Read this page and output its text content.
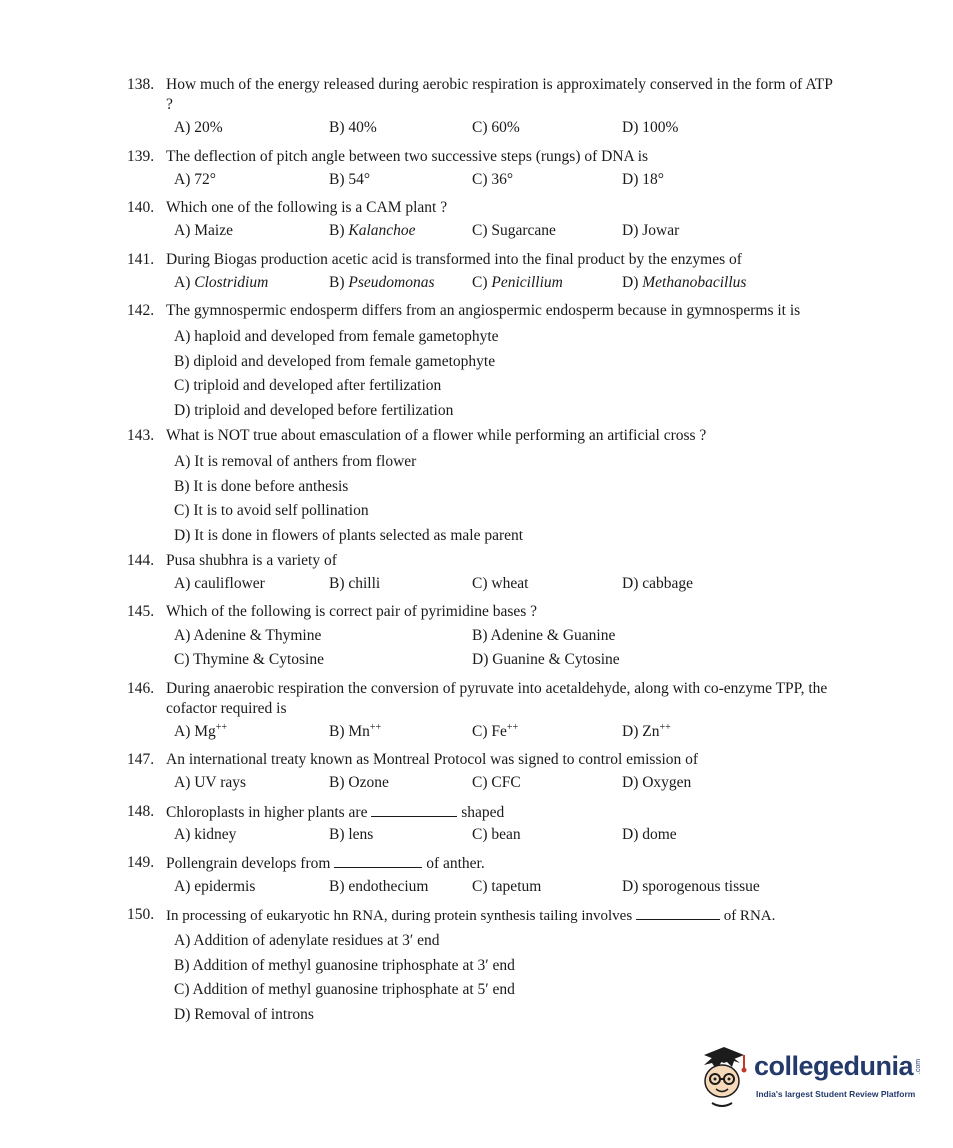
138. How much of the energy released during aerobic respiration is approximately conserved in the form of ATP ?
A) 20%	B) 40%	C) 60%	D) 100%
139. The deflection of pitch angle between two successive steps (rungs) of DNA is
A) 72°	B) 54°	C) 36°	D) 18°
140. Which one of the following is a CAM plant ?
A) Maize	B) Kalanchoe	C) Sugarcane	D) Jowar
141. During Biogas production acetic acid is transformed into the final product by the enzymes of
A) Clostridium	B) Pseudomonas C) Penicillium	D) Methanobacillus
142. The gymnospermic endosperm differs from an angiospermic endosperm because in gymnosperms it is
A) haploid and developed from female gametophyte
B) diploid and developed from female gametophyte
C) triploid and developed after fertilization
D) triploid and developed before fertilization
143. What is NOT true about emasculation of a flower while performing an artificial cross ?
A) It is removal of anthers from flower
B) It is done before anthesis
C) It is to avoid self pollination
D) It is done in flowers of plants selected as male parent
144. Pusa shubhra is a variety of
A) cauliflower	B) chilli	C) wheat	D) cabbage
145. Which of the following is correct pair of pyrimidine bases ?
A) Adenine & Thymine	B) Adenine & Guanine
C) Thymine & Cytosine	D) Guanine & Cytosine
146. During anaerobic respiration the conversion of pyruvate into acetaldehyde, along with co-enzyme TPP, the cofactor required is
A) Mg++	B) Mn++	C) Fe++	D) Zn++
147. An international treaty known as Montreal Protocol was signed to control emission of
A) UV rays	B) Ozone	C) CFC	D) Oxygen
148. Chloroplasts in higher plants are	shaped
A) kidney	B) lens	C) bean	D) dome
149. Pollengrain develops from	of anther.
A) epidermis	B) endothecium	C) tapetum	D) sporogenous tissue
150. In processing of eukaryotic hn RNA, during protein synthesis tailing involves	of RNA.
A) Addition of adenylate residues at 3′ end
B) Addition of methyl guanosine triphosphate at 3′ end
C) Addition of methyl guanosine triphosphate at 5′ end
D) Removal of introns
collegedunia .com
India's largest Student Review Platform
